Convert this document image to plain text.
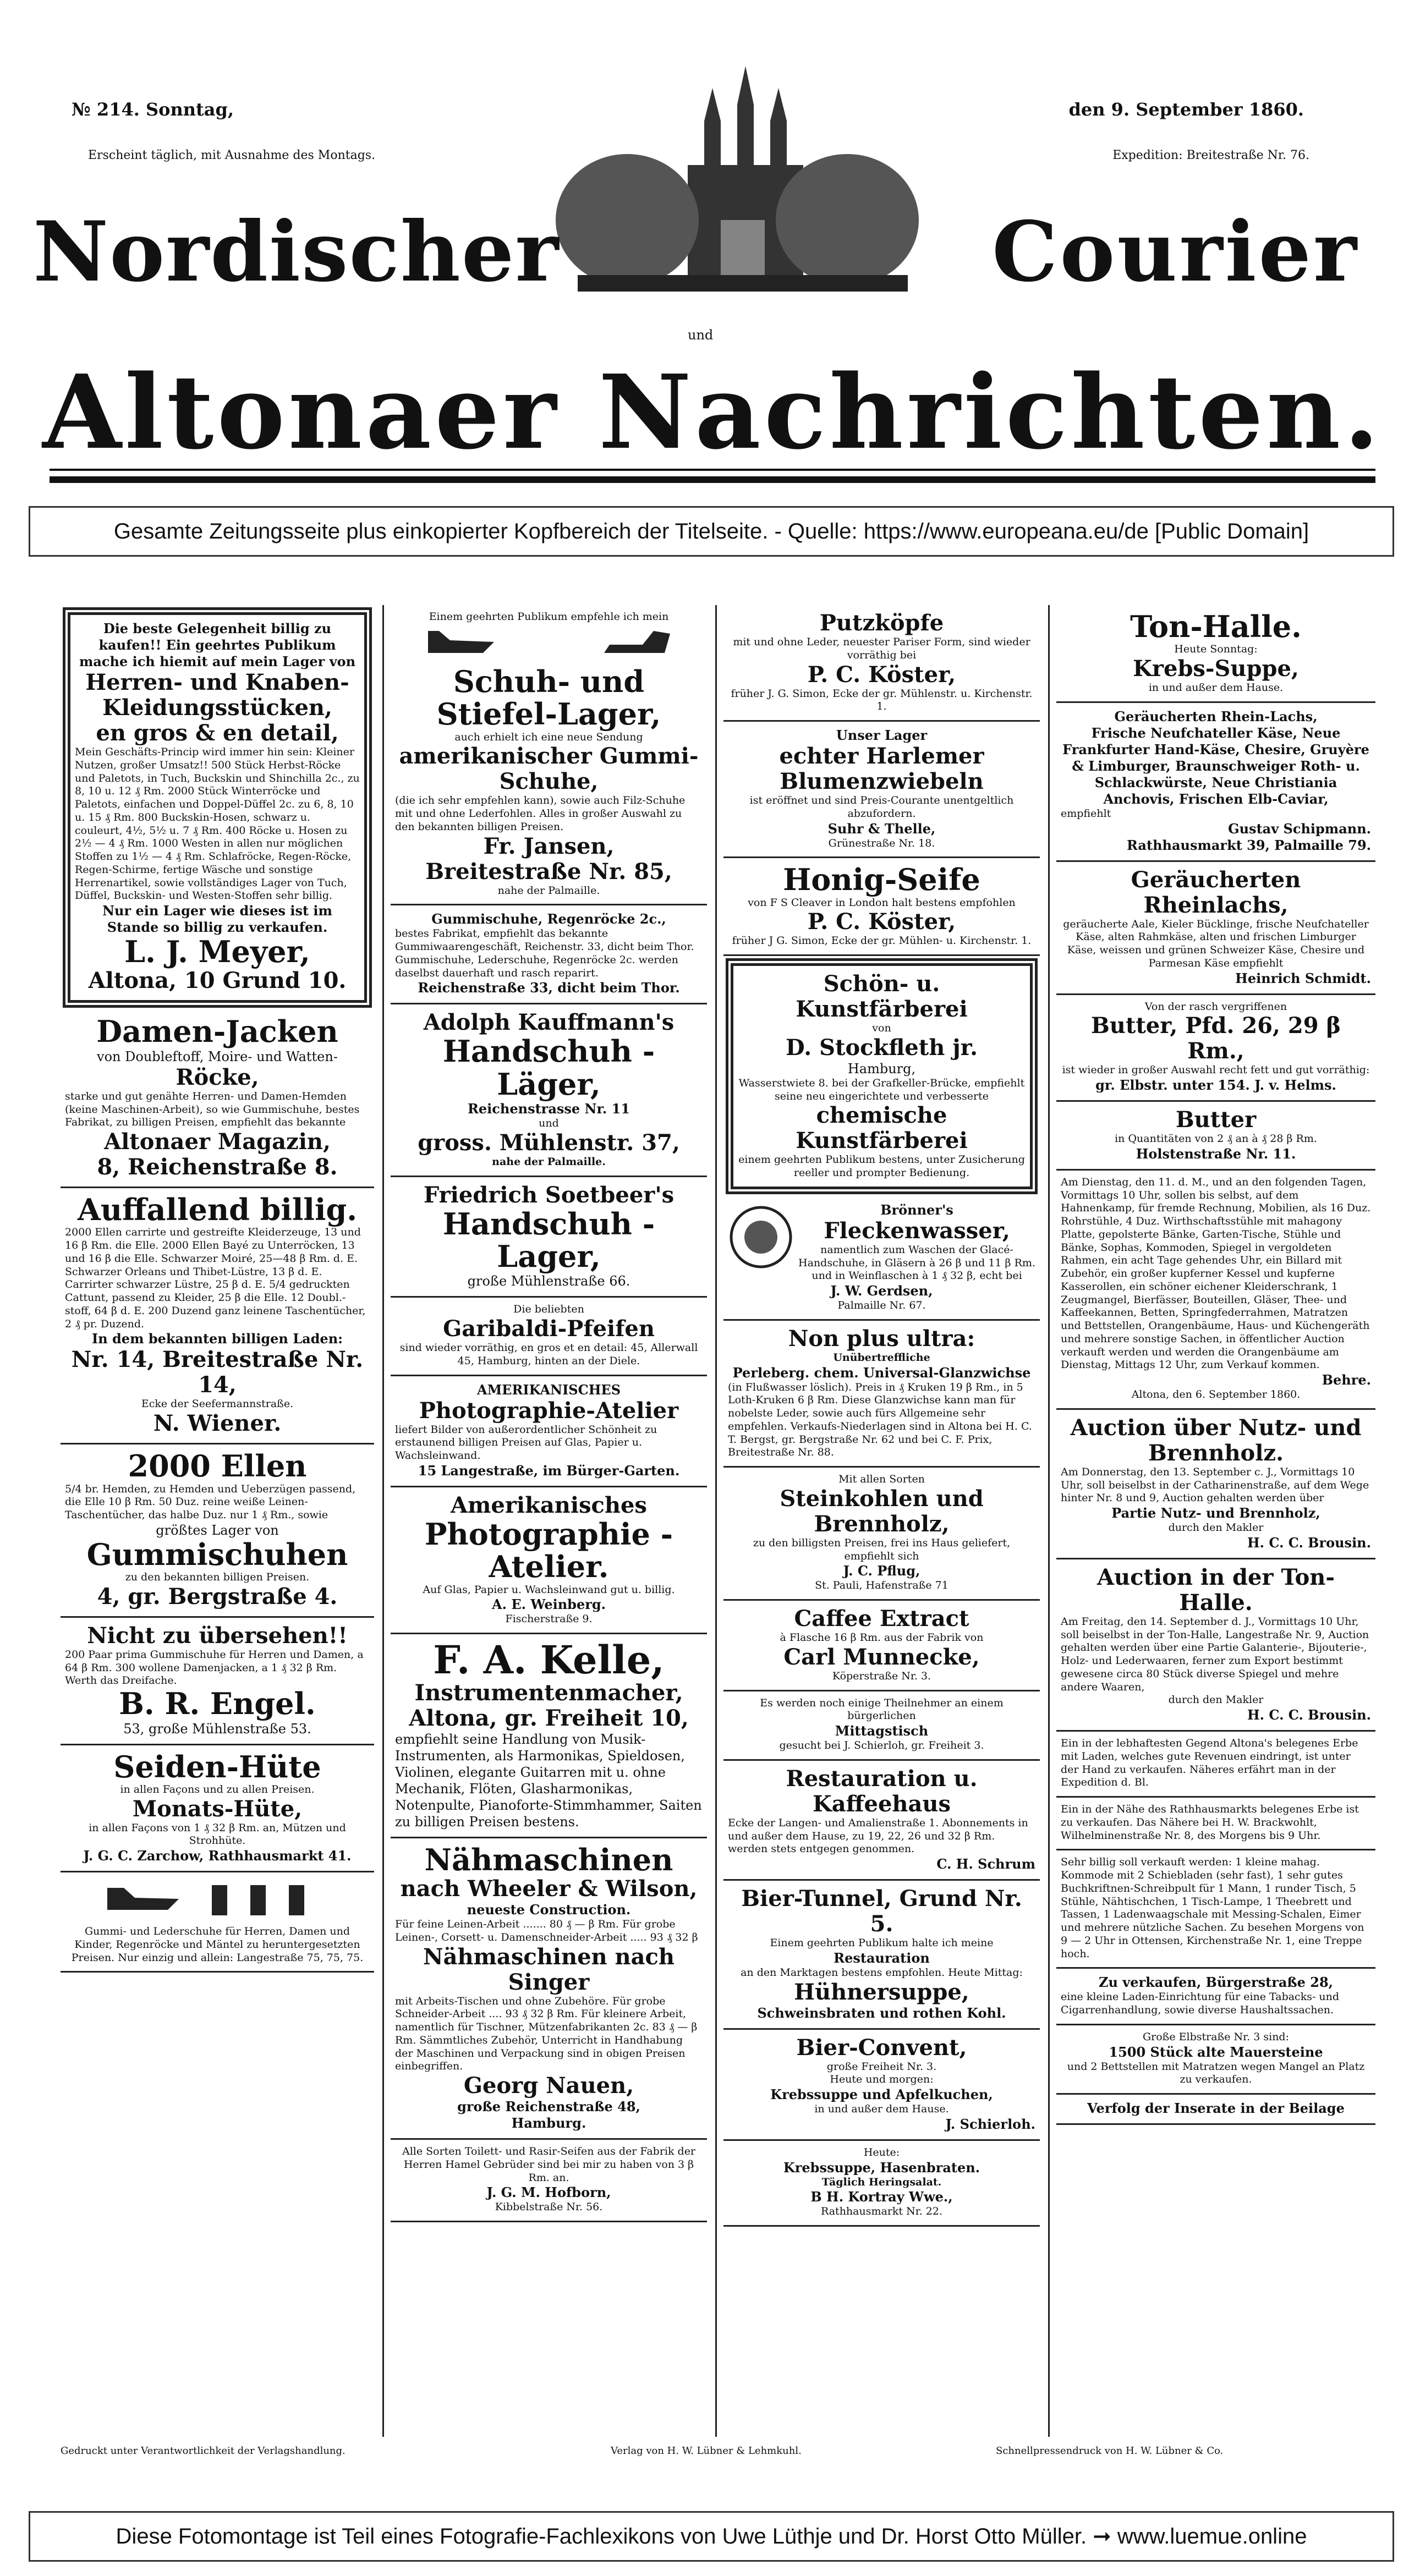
№ 214. Sonntag,
Erscheint täglich, mit Ausnahme des Montags.
den 9. September 1860.
Expedition: Breitestraße Nr. 76.
Nordischer	Courier
und
Altonaer Nachrichten.
Gesamte Zeitungsseite plus einkopierter Kopfbereich der Titelseite. - Quelle: https://www.europeana.eu/de [Public Domain]
Die beste Gelegenheit billig zu kaufen!! Ein geehrtes Publikum mache ich hiemit auf mein Lager von
Herren- und Knaben-Kleidungsstücken,
en gros & en detail,
Mein Geschäfts-Princip wird immer hin sein: Kleiner Nutzen, großer Umsatz!! 500 Stück Herbst-Röcke und Paletots, in Tuch, Buckskin und Shinchilla 2c., zu 8, 10 u. 12 ₰ Rm. 2000 Stück Winterröcke und Paletots, einfachen und Doppel-Düffel 2c. zu 6, 8, 10 u. 15 ₰ Rm. 800 Buckskin-Hosen, schwarz u. couleurt, 4½, 5½ u. 7 ₰ Rm. 400 Röcke u. Hosen zu 2½ — 4 ₰ Rm. 1000 Westen in allen nur möglichen Stoffen zu 1½ — 4 ₰ Rm. Schlafröcke, Regen-Röcke, Regen-Schirme, fertige Wäsche und sonstige Herrenartikel, sowie vollständiges Lager von Tuch, Düffel, Buckskin- und Westen-Stoffen sehr billig.
Nur ein Lager wie dieses ist im Stande so billig zu verkaufen.
L. J. Meyer,
Altona, 10 Grund 10.
Damen-Jacken
von Doubleftoff, Moire- und Watten-
Röcke,
starke und gut genähte Herren- und Damen-Hemden (keine Maschinen-Arbeit), so wie Gummischuhe, bestes Fabrikat, zu billigen Preisen, empfiehlt das bekannte
Altonaer Magazin,
8, Reichenstraße 8.
Auffallend billig.
2000 Ellen carrirte und gestreifte Kleiderzeuge, 13 und 16 β Rm. die Elle. 2000 Ellen Bayé zu Unterröcken, 13 und 16 β die Elle. Schwarzer Moiré, 25—48 β Rm. d. E. Schwarzer Orleans und Thibet-Lüstre, 13 β d. E. Carrirter schwarzer Lüstre, 25 β d. E. 5/4 gedruckten Cattunt, passend zu Kleider, 25 β die Elle. 12 Doubl.-stoff, 64 β d. E. 200 Duzend ganz leinene Taschentücher, 2 ₰ pr. Duzend.
In dem bekannten billigen Laden:
Nr. 14, Breitestraße Nr. 14,
Ecke der Seefermannstraße.
N. Wiener.
2000 Ellen
5/4 br. Hemden, zu Hemden und Ueberzügen passend, die Elle 10 β Rm. 50 Duz. reine weiße Leinen-Taschentücher, das halbe Duz. nur 1 ₰ Rm., sowie
größtes Lager von
Gummischuhen
zu den bekannten billigen Preisen.
4, gr. Bergstraße 4.
Nicht zu übersehen!!
200 Paar prima Gummischuhe für Herren und Damen, a 64 β Rm. 300 wollene Damenjacken, a 1 ₰ 32 β Rm. Werth das Dreifache.
B. R. Engel.
53, große Mühlenstraße 53.
Seiden-Hüte
in allen Façons und zu allen Preisen.
Monats-Hüte,
in allen Façons von 1 ₰ 32 β Rm. an, Mützen und Strohhüte.
J. G. C. Zarchow, Rathhausmarkt 41.
Gummi- und Lederschuhe für Herren, Damen und Kinder, Regenröcke und Mäntel zu heruntergesetzten Preisen. Nur einzig und allein: Langestraße 75, 75, 75.
Einem geehrten Publikum empfehle ich mein
Schuh- und Stiefel-Lager,
auch erhielt ich eine neue Sendung
amerikanischer Gummi-Schuhe,
(die ich sehr empfehlen kann), sowie auch Filz-Schuhe mit und ohne Lederfohlen. Alles in großer Auswahl zu den bekannten billigen Preisen.
Fr. Jansen,
Breitestraße Nr. 85,
nahe der Palmaille.
Gummischuhe, Regenröcke 2c.,
bestes Fabrikat, empfiehlt das bekannte Gummiwaarengeschäft, Reichenstr. 33, dicht beim Thor. Gummischuhe, Lederschuhe, Regenröcke 2c. werden daselbst dauerhaft und rasch reparirt.
Reichenstraße 33, dicht beim Thor.
Adolph Kauffmann's
Handschuh - Läger,
Reichenstrasse Nr. 11
und
gross. Mühlenstr. 37,
nahe der Palmaille.
Friedrich Soetbeer's
Handschuh - Lager,
große Mühlenstraße 66.
Die beliebten
Garibaldi-Pfeifen
sind wieder vorräthig, en gros et en detail: 45, Allerwall 45, Hamburg, hinten an der Diele.
AMERIKANISCHES
Photographie-Atelier
liefert Bilder von außerordentlicher Schönheit zu erstaunend billigen Preisen auf Glas, Papier u. Wachsleinwand.
15 Langestraße, im Bürger-Garten.
Amerikanisches
Photographie - Atelier.
Auf Glas, Papier u. Wachsleinwand gut u. billig.
A. E. Weinberg.
Fischerstraße 9.
F. A. Kelle,
Instrumentenmacher,
Altona, gr. Freiheit 10,
empfiehlt seine Handlung von Musik-Instrumenten, als Harmonikas, Spieldosen, Violinen, elegante Guitarren mit u. ohne Mechanik, Flöten, Glasharmonikas, Notenpulte, Pianoforte-Stimmhammer, Saiten zu billigen Preisen bestens.
Nähmaschinen
nach Wheeler & Wilson,
neueste Construction.
Für feine Leinen-Arbeit ....... 80 ₰ — β Rm. Für grobe Leinen-, Corsett- u. Damenschneider-Arbeit ..... 93 ₰ 32 β
Nähmaschinen nach Singer
mit Arbeits-Tischen und ohne Zubehöre. Für grobe Schneider-Arbeit .... 93 ₰ 32 β Rm. Für kleinere Arbeit, namentlich für Tischner, Mützenfabrikanten 2c. 83 ₰ — β Rm. Sämmtliches Zubehör, Unterricht in Handhabung der Maschinen und Verpackung sind in obigen Preisen einbegriffen.
Georg Nauen,
große Reichenstraße 48,
Hamburg.
Alle Sorten Toilett- und Rasir-Seifen aus der Fabrik der Herren Hamel Gebrüder sind bei mir zu haben von 3 β Rm. an.
J. G. M. Hofborn,
Kibbelstraße Nr. 56.
Putzköpfe
mit und ohne Leder, neuester Pariser Form, sind wieder vorräthig bei
P. C. Köster,
früher J. G. Simon, Ecke der gr. Mühlenstr. u. Kirchenstr. 1.
Unser Lager
echter Harlemer Blumenzwiebeln
ist eröffnet und sind Preis-Courante unentgeltlich abzufordern.
Suhr & Thelle,
Grünestraße Nr. 18.
Honig-Seife
von F S Cleaver in London halt bestens empfohlen
P. C. Köster,
früher J G. Simon, Ecke der gr. Mühlen- u. Kirchenstr. 1.
Schön- u. Kunstfärberei
von
D. Stockfleth jr.
Hamburg,
Wasserstwiete 8. bei der Grafkeller-Brücke, empfiehlt seine neu eingerichtete und verbesserte
chemische Kunstfärberei
einem geehrten Publikum bestens, unter Zusicherung reeller und prompter Bedienung.
Brönner's
Fleckenwasser,
namentlich zum Waschen der Glacé-Handschuhe, in Gläsern à 26 β und 11 β Rm. und in Weinflaschen à 1 ₰ 32 β, echt bei
J. W. Gerdsen,
Palmaille Nr. 67.
Non plus ultra:
Unübertreffliche
Perleberg. chem. Universal-Glanzwichse
(in Flußwasser löslich). Preis in ₰ Kruken 19 β Rm., in 5 Loth-Kruken 6 β Rm. Diese Glanzwichse kann man für nobelste Leder, sowie auch fürs Allgemeine sehr empfehlen. Verkaufs-Niederlagen sind in Altona bei H. C. T. Bergst, gr. Bergstraße Nr. 62 und bei C. F. Prix, Breitestraße Nr. 88.
Mit allen Sorten
Steinkohlen und Brennholz,
zu den billigsten Preisen, frei ins Haus geliefert, empfiehlt sich
J. C. Pflug,
St. Pauli, Hafenstraße 71
Caffee Extract
à Flasche 16 β Rm. aus der Fabrik von
Carl Munnecke,
Köperstraße Nr. 3.
Es werden noch einige Theilnehmer an einem bürgerlichen
Mittagstisch
gesucht bei J. Schierloh, gr. Freiheit 3.
Restauration u. Kaffeehaus
Ecke der Langen- und Amalienstraße 1. Abonnements in und außer dem Hause, zu 19, 22, 26 und 32 β Rm. werden stets entgegen genommen.
C. H. Schrum
Bier-Tunnel, Grund Nr. 5.
Einem geehrten Publikum halte ich meine
Restauration
an den Marktagen bestens empfohlen. Heute Mittag:
Hühnersuppe,
Schweinsbraten und rothen Kohl.
Bier-Convent,
große Freiheit Nr. 3.
Heute und morgen:
Krebssuppe und Apfelkuchen,
in und außer dem Hause.
J. Schierloh.
Heute:
Krebssuppe, Hasenbraten.
Täglich Heringsalat.
B H. Kortray Wwe.,
Rathhausmarkt Nr. 22.
Ton-Halle.
Heute Sonntag:
Krebs-Suppe,
in und außer dem Hause.
Geräucherten Rhein-Lachs,
Frische Neufchateller Käse, Neue Frankfurter Hand-Käse, Chesire, Gruyère & Limburger, Braunschweiger Roth- u. Schlackwürste, Neue Christiania Anchovis, Frischen Elb-Caviar,
empfiehlt
Gustav Schipmann.
Rathhausmarkt 39, Palmaille 79.
Geräucherten Rheinlachs,
geräucherte Aale, Kieler Bücklinge, frische Neufchateller Käse, alten Rahmkäse, alten und frischen Limburger Käse, weissen und grünen Schweizer Käse, Chesire und Parmesan Käse empfiehlt
Heinrich Schmidt.
Von der rasch vergriffenen
Butter, Pfd. 26, 29 β Rm.,
ist wieder in großer Auswahl recht fett und gut vorräthig:
gr. Elbstr. unter 154. J. v. Helms.
Butter
in Quantitäten von 2 ₰ an à ₰ 28 β Rm.
Holstenstraße Nr. 11.
Am Dienstag, den 11. d. M., und an den folgenden Tagen, Vormittags 10 Uhr, sollen bis selbst, auf dem Hahnenkamp, für fremde Rechnung, Mobilien, als 16 Duz. Rohrstühle, 4 Duz. Wirthschaftsstühle mit mahagony Platte, gepolsterte Bänke, Garten-Tische, Stühle und Bänke, Sophas, Kommoden, Spiegel in vergoldeten Rahmen, ein acht Tage gehendes Uhr, ein Billard mit Zubehör, ein großer kupferner Kessel und kupferne Kasserollen, ein schöner eichener Kleiderschrank, 1 Zeugmangel, Bierfässer, Bouteillen, Gläser, Thee- und Kaffeekannen, Betten, Springfederrahmen, Matratzen und Bettstellen, Orangenbäume, Haus- und Küchengeräth und mehrere sonstige Sachen, in öffentlicher Auction verkauft werden und werden die Orangenbäume am Dienstag, Mittags 12 Uhr, zum Verkauf kommen.
Behre.
Altona, den 6. September 1860.
Auction über Nutz- und Brennholz.
Am Donnerstag, den 13. September c. J., Vormittags 10 Uhr, soll beiselbst in der Catharinenstraße, auf dem Wege hinter Nr. 8 und 9, Auction gehalten werden über
Partie Nutz- und Brennholz,
durch den Makler
H. C. C. Brousin.
Auction in der Ton-Halle.
Am Freitag, den 14. September d. J., Vormittags 10 Uhr, soll beiselbst in der Ton-Halle, Langestraße Nr. 9, Auction gehalten werden über eine Partie Galanterie-, Bijouterie-, Holz- und Lederwaaren, ferner zum Export bestimmt gewesene circa 80 Stück diverse Spiegel und mehre andere Waaren,
durch den Makler
H. C. C. Brousin.
Ein in der lebhaftesten Gegend Altona's belegenes Erbe mit Laden, welches gute Revenuen eindringt, ist unter der Hand zu verkaufen. Näheres erfährt man in der Expedition d. Bl.
Ein in der Nähe des Rathhausmarkts belegenes Erbe ist zu verkaufen. Das Nähere bei H. W. Brackwohlt, Wilhelminenstraße Nr. 8, des Morgens bis 9 Uhr.
Sehr billig soll verkauft werden: 1 kleine mahag. Kommode mit 2 Schiebladen (sehr fast), 1 sehr gutes Buchkriftnen-Schreibpult für 1 Mann, 1 runder Tisch, 5 Stühle, Nähtischchen, 1 Tisch-Lampe, 1 Theebrett und Tassen, 1 Ladenwaagschale mit Messing-Schalen, Eimer und mehrere nützliche Sachen. Zu besehen Morgens von 9 — 2 Uhr in Ottensen, Kirchenstraße Nr. 1, eine Treppe hoch.
Zu verkaufen, Bürgerstraße 28,
eine kleine Laden-Einrichtung für eine Tabacks- und Cigarrenhandlung, sowie diverse Haushaltssachen.
Große Elbstraße Nr. 3 sind:
1500 Stück alte Mauersteine
und 2 Bettstellen mit Matratzen wegen Mangel an Platz zu verkaufen.
Verfolg der Inserate in der Beilage
Gedruckt unter Verantwortlichkeit der Verlagshandlung.	Verlag von H. W. Lübner & Lehmkuhl.	Schnellpressendruck von H. W. Lübner & Co.
Diese Fotomontage ist Teil eines Fotografie-Fachlexikons von Uwe Lüthje und Dr. Horst Otto Müller. ➞ www.luemue.online
